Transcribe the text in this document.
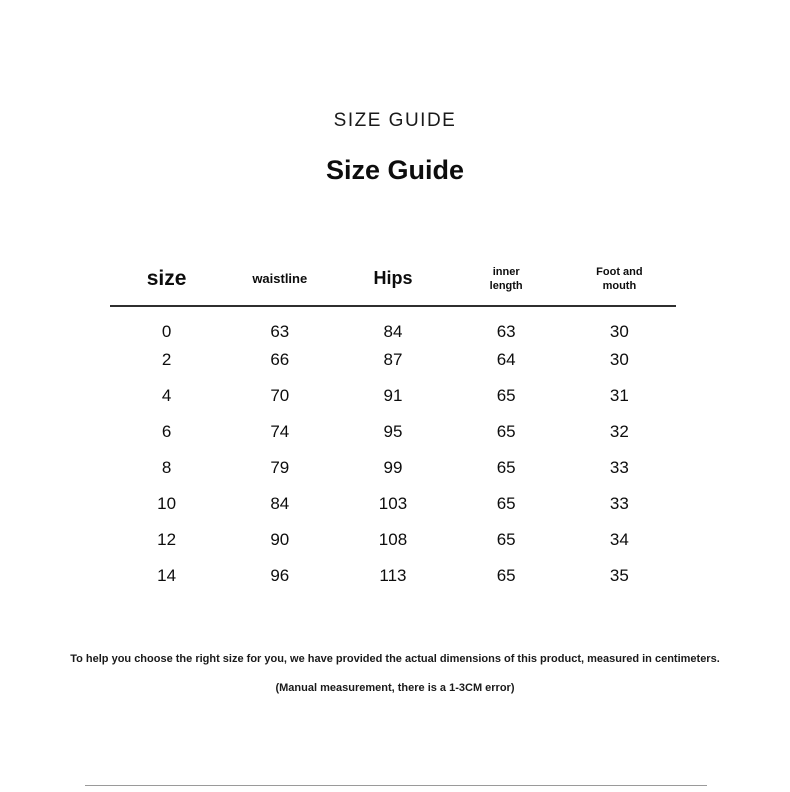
SIZE GUIDE
Size Guide
size	waistline	Hips	inner length	Foot and mouth
0	63	84	63	30
2	66	87	64	30
4	70	91	65	31
6	74	95	65	32
8	79	99	65	33
10	84	103	65	33
12	90	108	65	34
14	96	113	65	35

To help you choose the right size for you, we have provided the actual dimensions of this product, measured in centimeters.

(Manual measurement, there is a 1-3CM error)
